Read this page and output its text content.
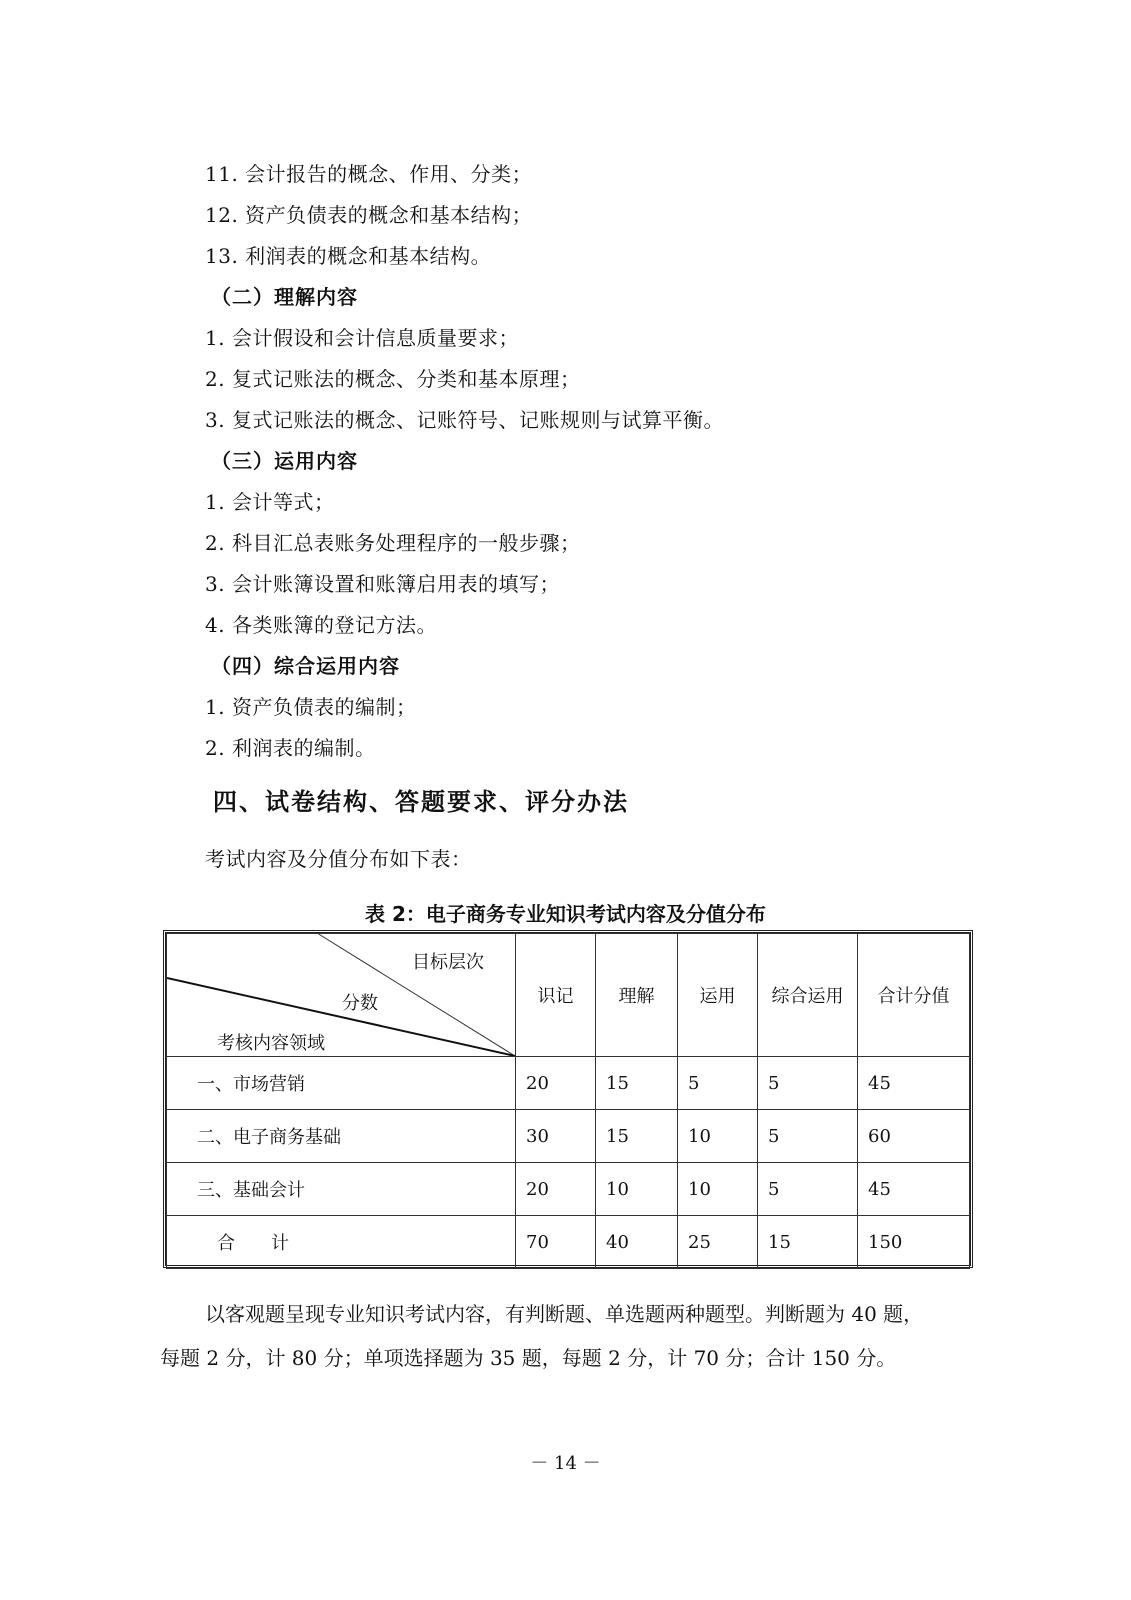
11. 会计报告的概念、作用、分类；
12. 资产负债表的概念和基本结构；
13. 利润表的概念和基本结构。
（二）理解内容
1. 会计假设和会计信息质量要求；
2. 复式记账法的概念、分类和基本原理；
3. 复式记账法的概念、记账符号、记账规则与试算平衡。
（三）运用内容
1. 会计等式；
2. 科目汇总表账务处理程序的一般步骤；
3. 会计账簿设置和账簿启用表的填写；
4. 各类账簿的登记方法。
（四）综合运用内容
1. 资产负债表的编制；
2. 利润表的编制。
四、试卷结构、答题要求、评分办法
考试内容及分值分布如下表：
表 2：电子商务专业知识考试内容及分值分布
目标层次
分数
考核内容领域	识记	理解	运用	综合运用	合计分值
一、市场营销	20	15	5	5	45
二、电子商务基础	30	15	10	5	60
三、基础会计	20	10	10	5	45
合　　计	70	40	25	15	150
以客观题呈现专业知识考试内容，有判断题、单选题两种题型。判断题为 40 题，
每题 2 分，计 80 分；单项选择题为 35 题，每题 2 分，计 70 分；合计 150 分。
－ 14 －
